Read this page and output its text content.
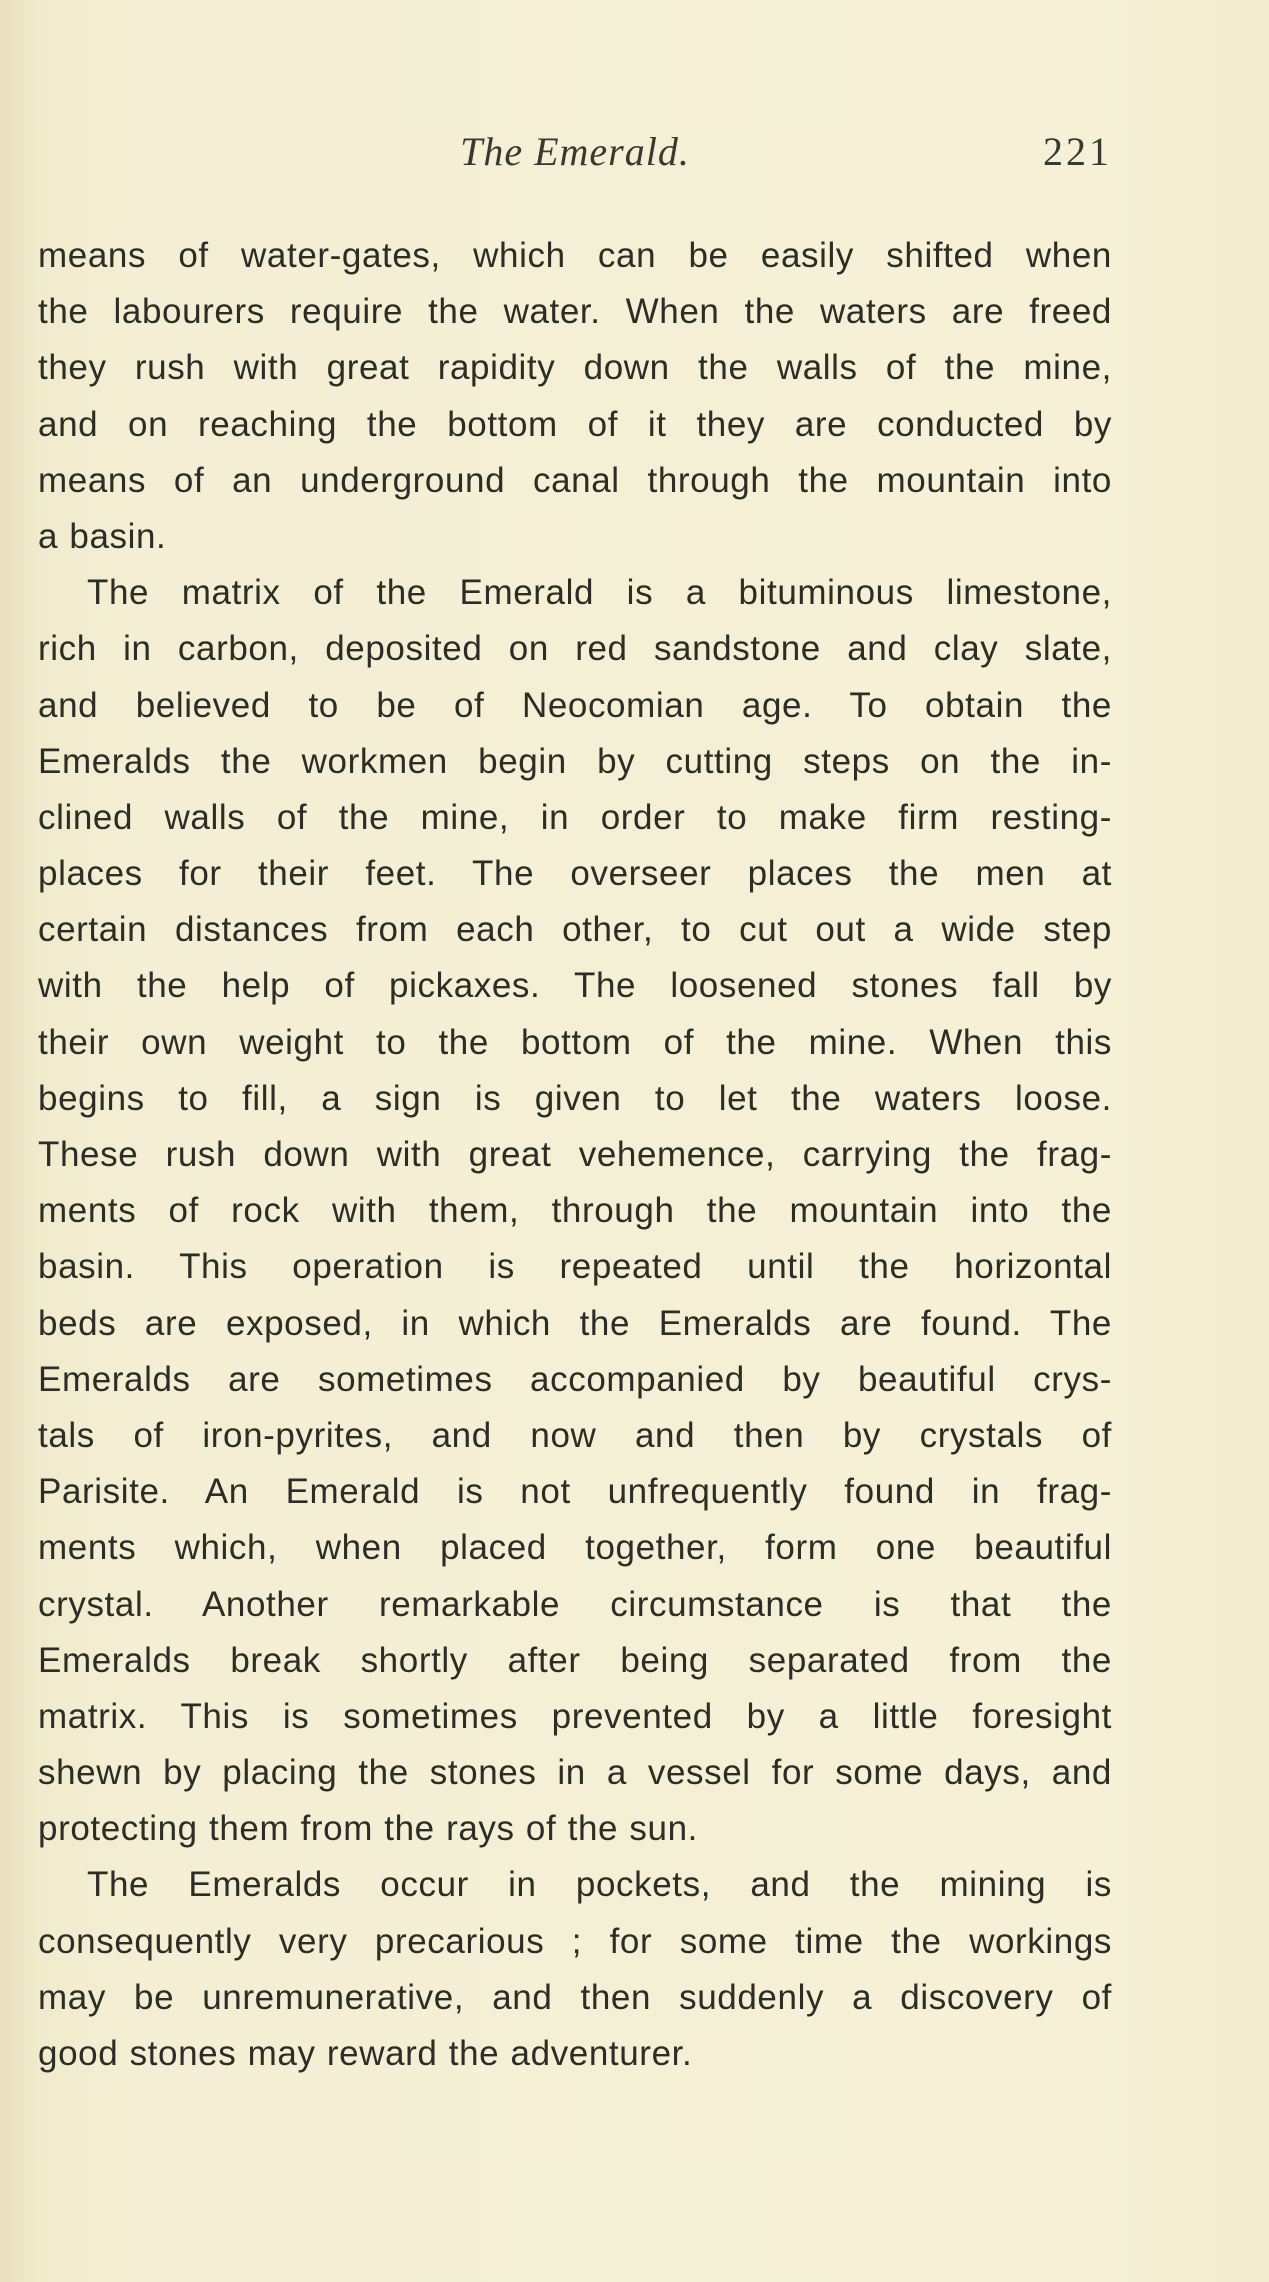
The Emerald.	221
means of water-gates, which can be easily shifted when
the labourers require the water. When the waters are freed
they rush with great rapidity down the walls of the mine,
and on reaching the bottom of it they are conducted by
means of an underground canal through the mountain into
a basin.
The matrix of the Emerald is a bituminous limestone,
rich in carbon, deposited on red sandstone and clay slate,
and believed to be of Neocomian age. To obtain the
Emeralds the workmen begin by cutting steps on the in-
clined walls of the mine, in order to make firm resting-
places for their feet. The overseer places the men at
certain distances from each other, to cut out a wide step
with the help of pickaxes. The loosened stones fall by
their own weight to the bottom of the mine. When this
begins to fill, a sign is given to let the waters loose.
These rush down with great vehemence, carrying the frag-
ments of rock with them, through the mountain into the
basin. This operation is repeated until the horizontal
beds are exposed, in which the Emeralds are found. The
Emeralds are sometimes accompanied by beautiful crys-
tals of iron-pyrites, and now and then by crystals of
Parisite. An Emerald is not unfrequently found in frag-
ments which, when placed together, form one beautiful
crystal. Another remarkable circumstance is that the
Emeralds break shortly after being separated from the
matrix. This is sometimes prevented by a little foresight
shewn by placing the stones in a vessel for some days, and
protecting them from the rays of the sun.
The Emeralds occur in pockets, and the mining is
consequently very precarious ; for some time the workings
may be unremunerative, and then suddenly a discovery of
good stones may reward the adventurer.
